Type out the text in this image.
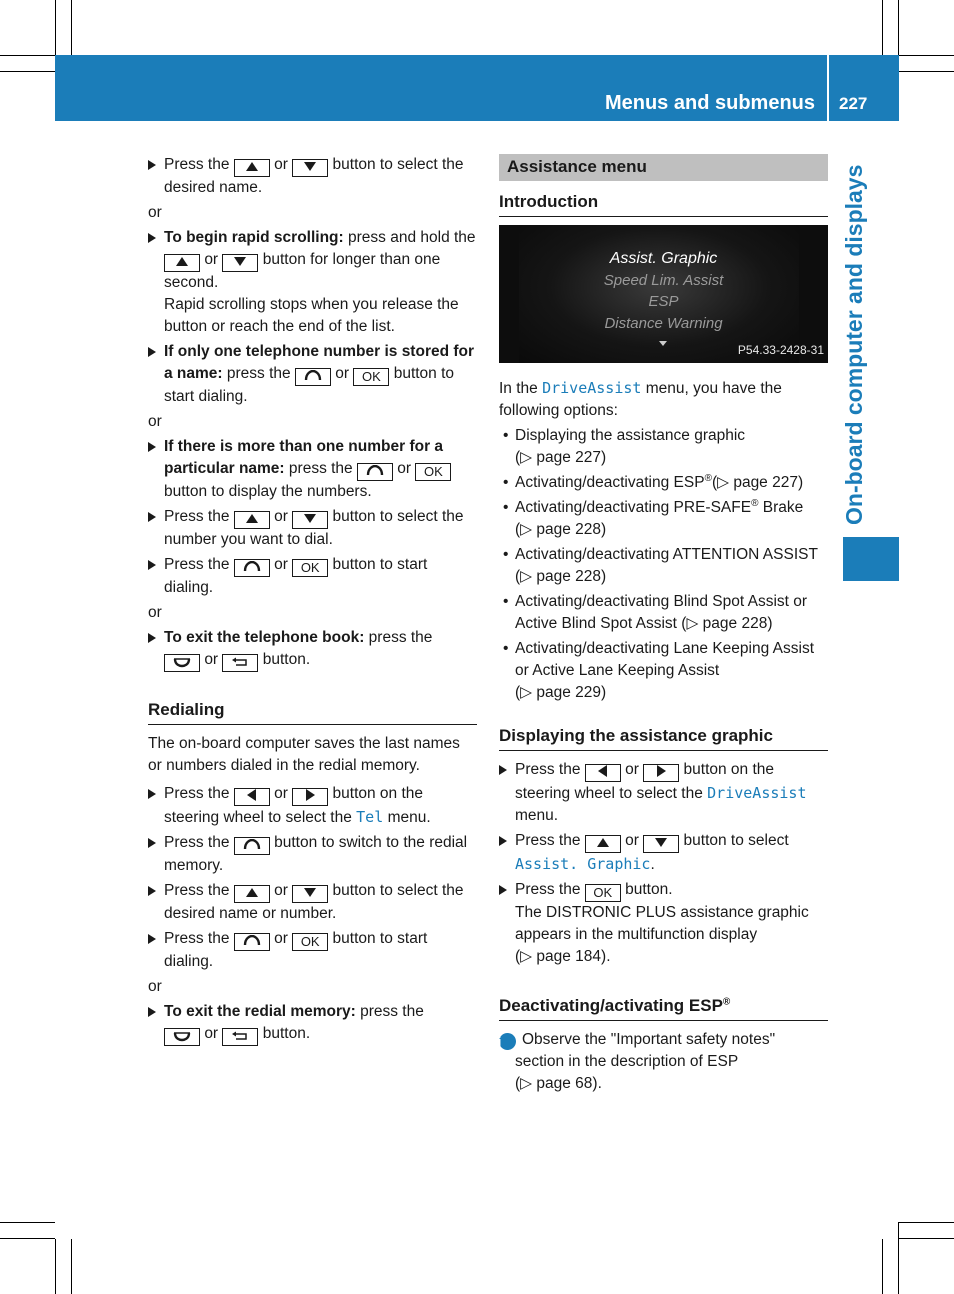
Menus and submenus 227
On-board computer and displays
Press the	or	button to select the desired name.

or

To begin rapid scrolling: press and hold the  or	button for longer than one second.

Rapid scrolling stops when you release the button or reach the end of the list.

If only one telephone number is stored for a name: press the	or OK button to start dialing.

or

If there is more than one number for a particular name: press the	or OK button to display the numbers.
Press the	or	button to select the number you want to dial.
Press the	or OK button to start dialing.

or

To exit the telephone book: press the
or	button.
Redialing

The on-board computer saves the last names or numbers dialed in the redial memory.

Press the	or	button on the steering wheel to select the Tel menu.
Press the	button to switch to the redial memory.
Press the	or	button to select the desired name or number.
Press the	or OK button to start dialing.

or

To exit the redial memory: press the
or	button.
Assistance menu
Introduction
Assist. Graphic
Speed Lim. Assist
ESP
Distance Warning
P54.33-2428-31

In the DriveAssist menu, you have the following options:

• Displaying the assistance graphic
(▷ page 227)
• Activating/deactivating ESP®(▷ page 227)
• Activating/deactivating PRE-SAFE® Brake
(▷ page 228)
• Activating/deactivating ATTENTION ASSIST (▷ page 228)
• Activating/deactivating Blind Spot Assist or Active Blind Spot Assist (▷ page 228)
• Activating/deactivating Lane Keeping Assist or Active Lane Keeping Assist
(▷ page 229)
Displaying the assistance graphic
Press the	or	button on the steering wheel to select the DriveAssist menu.
Press the	or	button to select Assist. Graphic.
Press the OK button.

The DISTRONIC PLUS assistance graphic appears in the multifunction display

(▷ page 184).

Deactivating/activating ESP®
i Observe the "Important safety notes" section in the description of ESP
(▷ page 68).
